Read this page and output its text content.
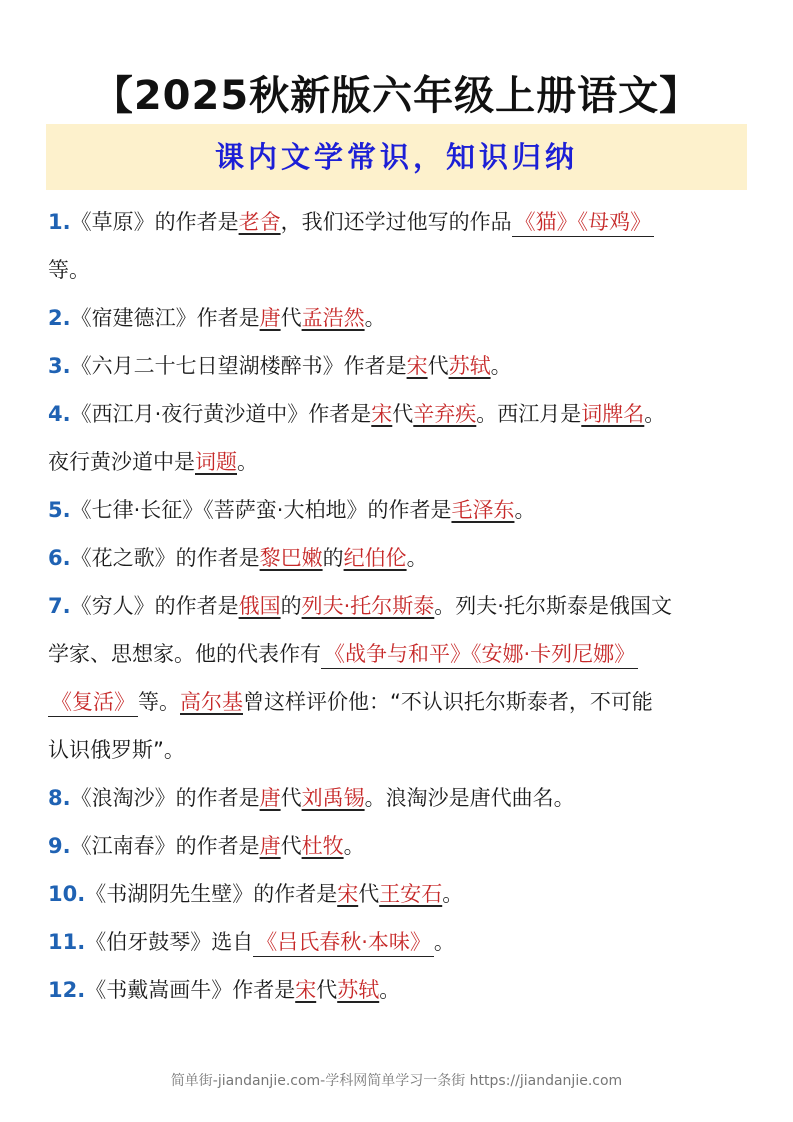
【2025秋新版六年级上册语文】
课内文学常识，知识归纳
1.《草原》的作者是老舍，我们还学过他写的作品 《猫》《母鸡》
等。
2.《宿建德江》作者是唐代孟浩然。
3.《六月二十七日望湖楼醉书》作者是宋代苏轼。
4.《西江月·夜行黄沙道中》作者是宋代辛弃疾。西江月是词牌名。
夜行黄沙道中是词题。
5.《七律·长征》《菩萨蛮·大柏地》的作者是毛泽东。
6.《花之歌》的作者是黎巴嫩的纪伯伦。
7.《穷人》的作者是俄国的列夫·托尔斯泰。列夫·托尔斯泰是俄国文
学家、思想家。他的代表作有 《战争与和平》《安娜·卡列尼娜》
《复活》 等。高尔基曾这样评价他：“不认识托尔斯泰者，不可能
认识俄罗斯”。
8.《浪淘沙》的作者是唐代刘禹锡。浪淘沙是唐代曲名。
9.《江南春》的作者是唐代杜牧。
10.《书湖阴先生壁》的作者是宋代王安石。
11.《伯牙鼓琴》选自 《吕氏春秋·本味》 。
12.《书戴嵩画牛》作者是宋代苏轼。
简单街-jiandanjie.com-学科网简单学习一条街 https://jiandanjie.com
